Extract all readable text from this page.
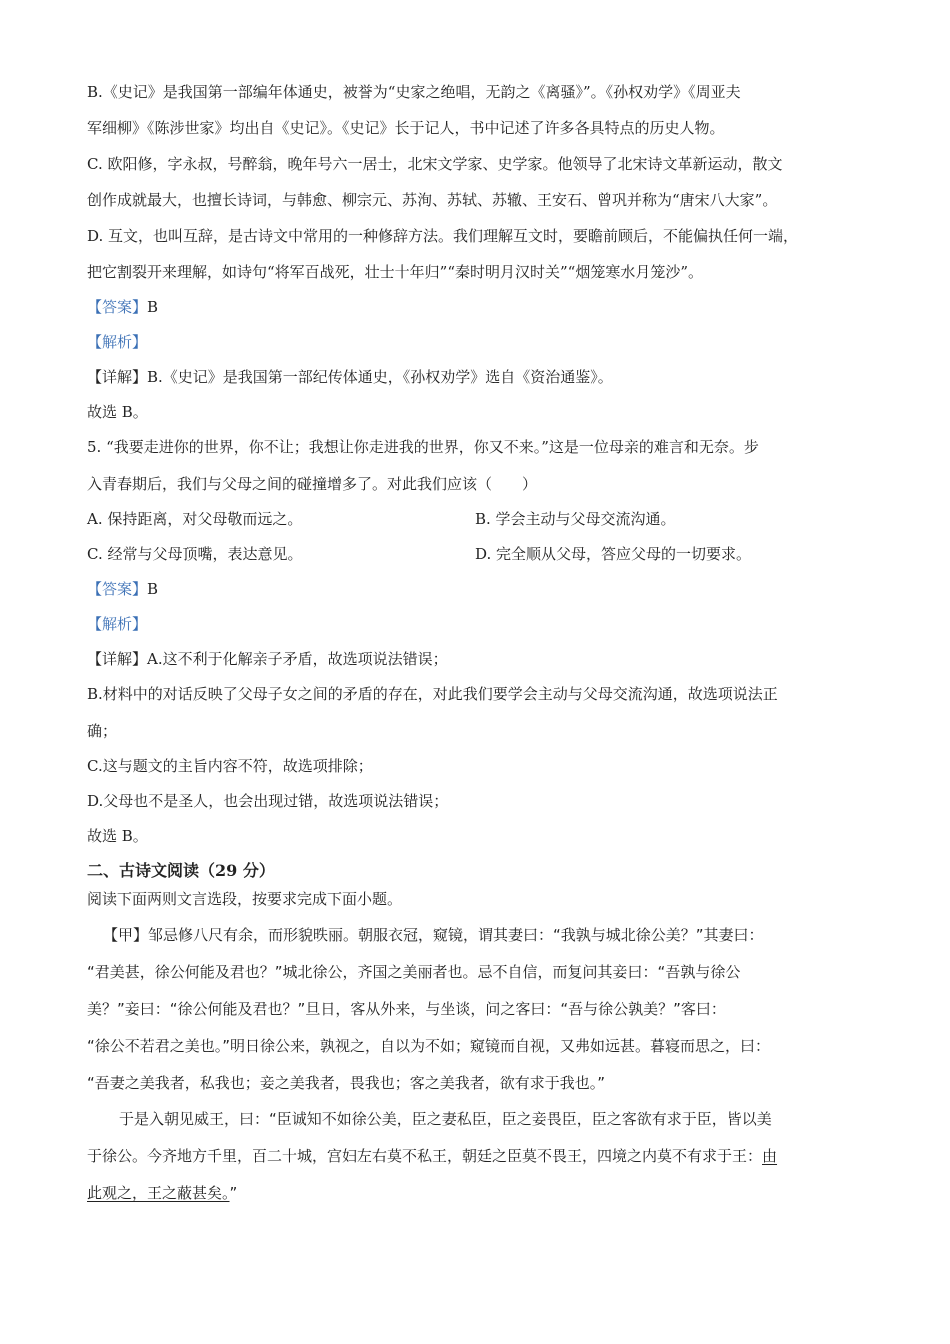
B.《史记》是我国第一部编年体通史，被誉为“史家之绝唱，无韵之《离骚》”。《孙权劝学》《周亚夫
军细柳》《陈涉世家》均出自《史记》。《史记》长于记人，书中记述了许多各具特点的历史人物。
C. 欧阳修，字永叔，号醉翁，晚年号六一居士，北宋文学家、史学家。他领导了北宋诗文革新运动，散文
创作成就最大，也擅长诗词，与韩愈、柳宗元、苏洵、苏轼、苏辙、王安石、曾巩并称为“唐宋八大家”。
D. 互文，也叫互辞，是古诗文中常用的一种修辞方法。我们理解互文时，要瞻前顾后，不能偏执任何一端，
把它割裂开来理解，如诗句“将军百战死，壮士十年归”“秦时明月汉时关”“烟笼寒水月笼沙”。
【答案】B
【解析】
【详解】B.《史记》是我国第一部纪传体通史，《孙权劝学》选自《资治通鉴》。
故选 B。
5. “我要走进你的世界，你不让；我想让你走进我的世界，你又不来。”这是一位母亲的难言和无奈。步
入青春期后，我们与父母之间的碰撞增多了。对此我们应该（　　）
A. 保持距离，对父母敬而远之。	B. 学会主动与父母交流沟通。
C. 经常与父母顶嘴，表达意见。	D. 完全顺从父母，答应父母的一切要求。
【答案】B
【解析】
【详解】A.这不利于化解亲子矛盾，故选项说法错误；
B.材料中的对话反映了父母子女之间的矛盾的存在，对此我们要学会主动与父母交流沟通，故选项说法正
确；
C.这与题文的主旨内容不符，故选项排除；
D.父母也不是圣人，也会出现过错，故选项说法错误；
故选 B。
二、古诗文阅读（29 分）
阅读下面两则文言选段，按要求完成下面小题。
【甲】邹忌修八尺有余，而形貌昳丽。朝服衣冠，窥镜，谓其妻曰：“我孰与城北徐公美？”其妻曰：
“君美甚，徐公何能及君也？”城北徐公，齐国之美丽者也。忌不自信，而复问其妾曰：“吾孰与徐公
美？”妾曰：“徐公何能及君也？”旦日，客从外来，与坐谈，问之客曰：“吾与徐公孰美？”客曰：
“徐公不若君之美也。”明日徐公来，孰视之，自以为不如；窥镜而自视，又弗如远甚。暮寝而思之，曰：
“吾妻之美我者，私我也；妾之美我者，畏我也；客之美我者，欲有求于我也。”
于是入朝见威王，曰：“臣诚知不如徐公美，臣之妻私臣，臣之妾畏臣，臣之客欲有求于臣，皆以美
于徐公。今齐地方千里，百二十城，宫妇左右莫不私王，朝廷之臣莫不畏王，四境之内莫不有求于王：由
此观之，王之蔽甚矣。”
